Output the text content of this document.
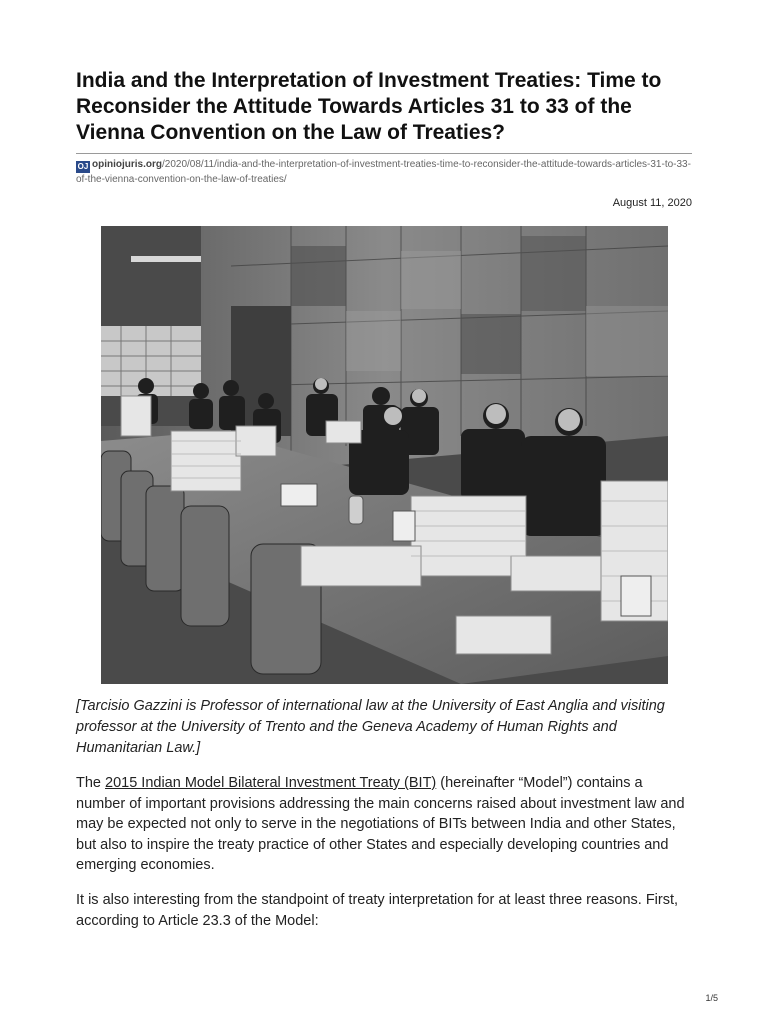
India and the Interpretation of Investment Treaties: Time to Reconsider the Attitude Towards Articles 31 to 33 of the Vienna Convention on the Law of Treaties?
OJ opiniojuris.org/2020/08/11/india-and-the-interpretation-of-investment-treaties-time-to-reconsider-the-attitude-towards-articles-31-to-33-of-the-vienna-convention-on-the-law-of-treaties/
August 11, 2020

[Tarcisio Gazzini is Professor of international law at the University of East Anglia and visiting professor at the University of Trento and the Geneva Academy of Human Rights and Humanitarian Law.]

The 2015 Indian Model Bilateral Investment Treaty (BIT) (hereinafter “Model”) contains a number of important provisions addressing the main concerns raised about investment law and may be expected not only to serve in the negotiations of BITs between India and other States, but also to inspire the treaty practice of other States and especially developing countries and emerging economies.

It is also interesting from the standpoint of treaty interpretation for at least three reasons. First, according to Article 23.3 of the Model:

1/5
